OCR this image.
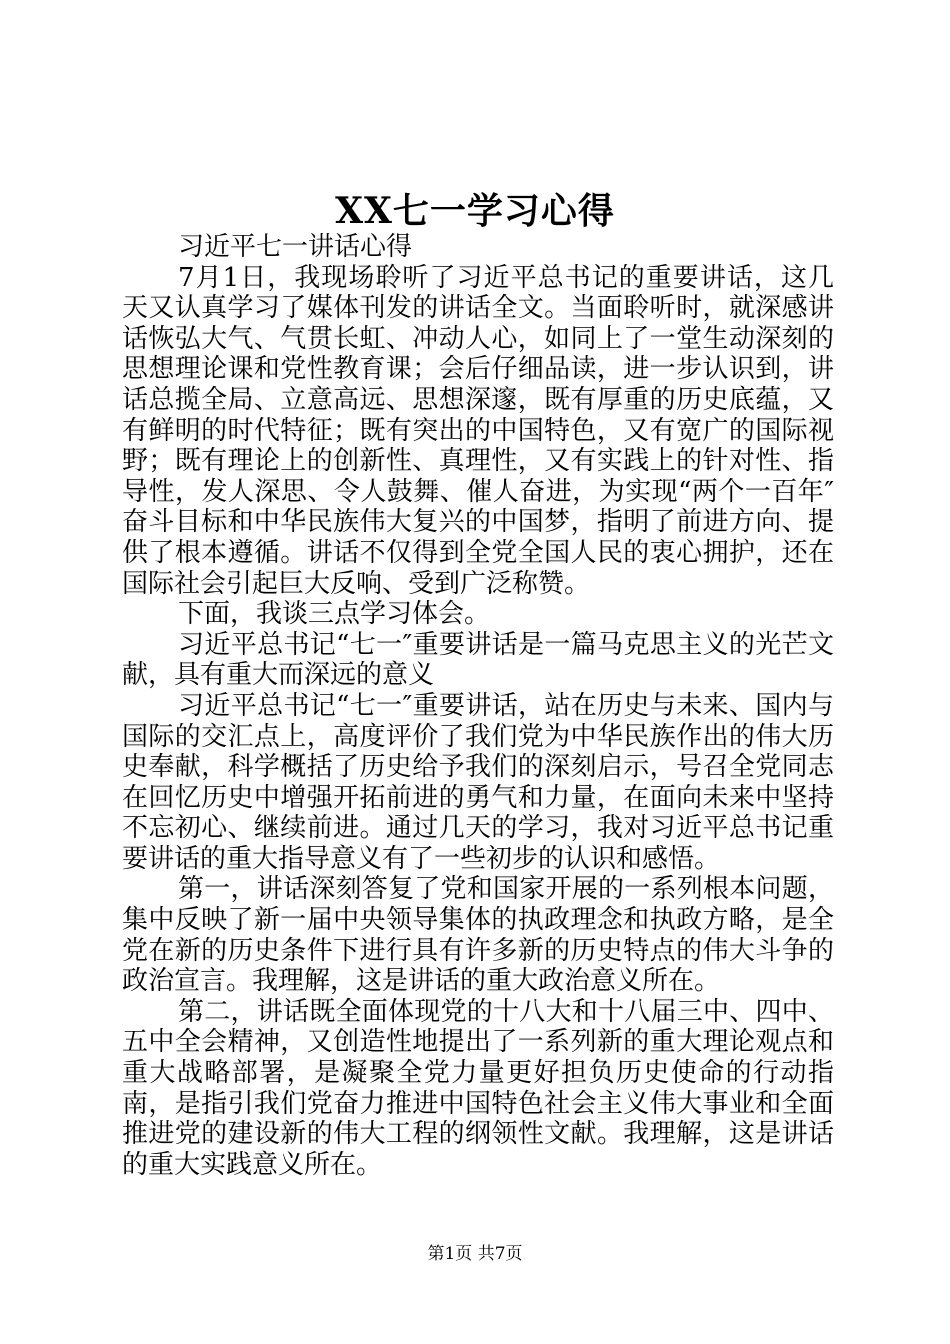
XX七一学习心得

习近平七一讲话心得

7月1日，我现场聆听了习近平总书记的重要讲话，这几天又认真学习了媒体刊发的讲话全文。当面聆听时，就深感讲话恢弘大气、气贯长虹、冲动人心，如同上了一堂生动深刻的思想理论课和党性教育课；会后仔细品读，进一步认识到，讲话总揽全局、立意高远、思想深邃，既有厚重的历史底蕴，又有鲜明的时代特征；既有突出的中国特色，又有宽广的国际视野；既有理论上的创新性、真理性，又有实践上的针对性、指导性，发人深思、令人鼓舞、催人奋进，为实现“两个一百年″奋斗目标和中华民族伟大复兴的中国梦，指明了前进方向、提供了根本遵循。讲话不仅得到全党全国人民的衷心拥护，还在国际社会引起巨大反响、受到广泛称赞。

下面，我谈三点学习体会。

习近平总书记“七一″重要讲话是一篇马克思主义的光芒文献，具有重大而深远的意义

习近平总书记“七一″重要讲话，站在历史与未来、国内与国际的交汇点上，高度评价了我们党为中华民族作出的伟大历史奉献，科学概括了历史给予我们的深刻启示，号召全党同志在回忆历史中增强开拓前进的勇气和力量，在面向未来中坚持不忘初心、继续前进。通过几天的学习，我对习近平总书记重要讲话的重大指导意义有了一些初步的认识和感悟。

第一，讲话深刻答复了党和国家开展的一系列根本问题，集中反映了新一届中央领导集体的执政理念和执政方略，是全党在新的历史条件下进行具有许多新的历史特点的伟大斗争的政治宣言。我理解，这是讲话的重大政治意义所在。

第二，讲话既全面体现党的十八大和十八届三中、四中、五中全会精神，又创造性地提出了一系列新的重大理论观点和重大战略部署，是凝聚全党力量更好担负历史使命的行动指南，是指引我们党奋力推进中国特色社会主义伟大事业和全面推进党的建设新的伟大工程的纲领性文献。我理解，这是讲话的重大实践意义所在。

第1页 共7页
